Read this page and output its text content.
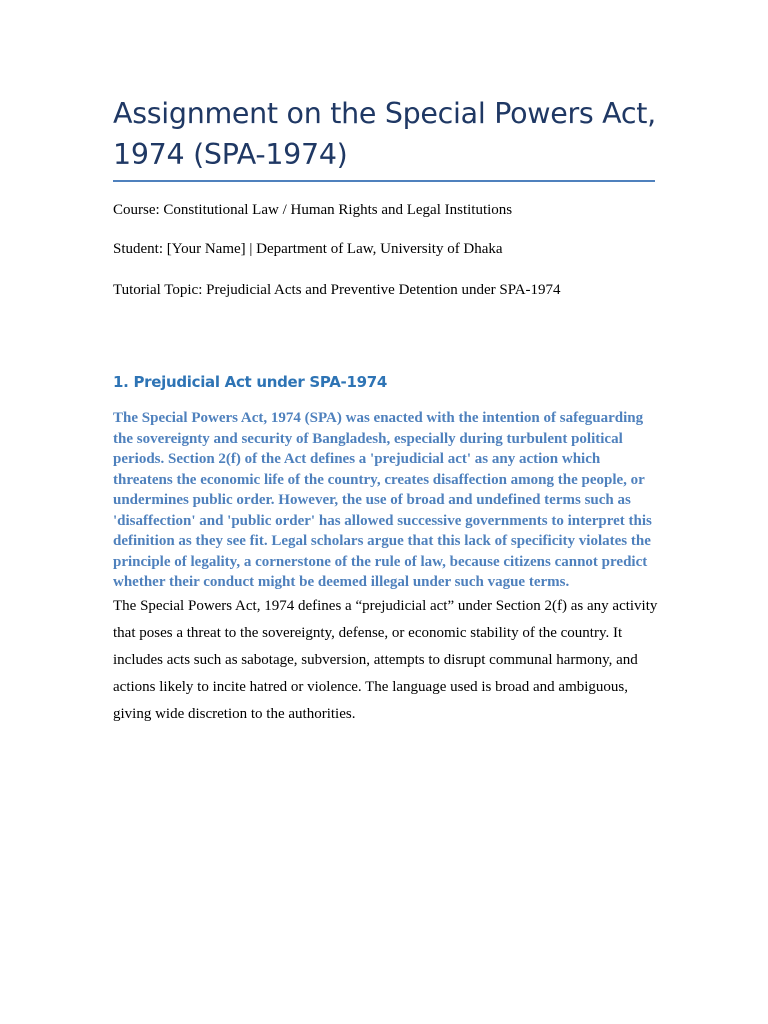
Assignment on the Special Powers Act, 1974 (SPA-1974)

Course: Constitutional Law / Human Rights and Legal Institutions

Student: [Your Name] | Department of Law, University of Dhaka

Tutorial Topic: Prejudicial Acts and Preventive Detention under SPA-1974

1. Prejudicial Act under SPA-1974

The Special Powers Act, 1974 (SPA) was enacted with the intention of safeguarding the sovereignty and security of Bangladesh, especially during turbulent political periods. Section 2(f) of the Act defines a 'prejudicial act' as any action which threatens the economic life of the country, creates disaffection among the people, or undermines public order. However, the use of broad and undefined terms such as 'disaffection' and 'public order' has allowed successive governments to interpret this definition as they see fit. Legal scholars argue that this lack of specificity violates the principle of legality, a cornerstone of the rule of law, because citizens cannot predict whether their conduct might be deemed illegal under such vague terms.

The Special Powers Act, 1974 defines a “prejudicial act” under Section 2(f) as any activity that poses a threat to the sovereignty, defense, or economic stability of the country. It includes acts such as sabotage, subversion, attempts to disrupt communal harmony, and actions likely to incite hatred or violence. The language used is broad and ambiguous, giving wide discretion to the authorities.
